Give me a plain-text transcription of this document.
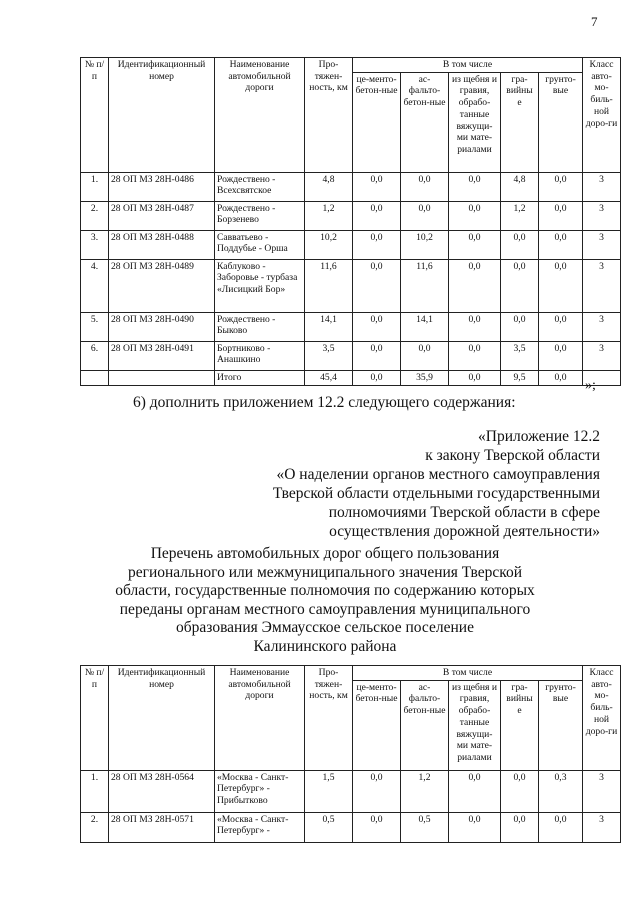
7
№ п/п	Идентификационный номер	Наименование автомобильной дороги	Про-тяжен-ность, км	В том числе					Класс авто-мо-биль-ной доро-ги
				це-менто-бетон-ные	ас-фальто-бетон-ные	из щебня и гравия, обрабо-танные вяжущи-ми мате-риалами	гра-вийны е	грунто-вые	
1.	28 ОП МЗ 28Н-0486	Рождествено - Всехсвятское	4,8	0,0	0,0	0,0	4,8	0,0	3
2.	28 ОП МЗ 28Н-0487	Рождествено - Борзенево	1,2	0,0	0,0	0,0	1,2	0,0	3
3.	28 ОП МЗ 28Н-0488	Савватьево - Поддубье - Орша	10,2	0,0	10,2	0,0	0,0	0,0	3
4.	28 ОП МЗ 28Н-0489	Каблуково - Заборовье - турбаза «Лисицкий Бор»	11,6	0,0	11,6	0,0	0,0	0,0	3
5.	28 ОП МЗ 28Н-0490	Рождествено - Быково	14,1	0,0	14,1	0,0	0,0	0,0	3
6.	28 ОП МЗ 28Н-0491	Бортниково - Анашкино	3,5	0,0	0,0	0,0	3,5	0,0	3
		Итого	45,4	0,0	35,9	0,0	9,5	0,0	
»;
6) дополнить приложением 12.2 следующего содержания:
«Приложение 12.2
к закону Тверской области
«О наделении органов местного самоуправления
Тверской области отдельными государственными
полномочиями Тверской области в сфере
осуществления дорожной деятельности»
Перечень автомобильных дорог общего пользования
регионального или межмуниципального значения Тверской
области, государственные полномочия по содержанию которых
переданы органам местного самоуправления муниципального
образования Эммаусское сельское поселение
Калининского района
№ п/п	Идентификационный номер	Наименование автомобильной дороги	Про-тяжен-ность, км	В том числе					Класс авто-мо-биль-ной доро-ги
				це-менто-бетон-ные	ас-фальто-бетон-ные	из щебня и гравия, обрабо-танные вяжущи-ми мате-риалами	гра-вийны е	грунто-вые	
1.	28 ОП МЗ 28Н-0564	«Москва - Санкт-Петербург» - Прибытково	1,5	0,0	1,2	0,0	0,0	0,3	3
2.	28 ОП МЗ 28Н-0571	«Москва - Санкт-Петербург» -	0,5	0,0	0,5	0,0	0,0	0,0	3
